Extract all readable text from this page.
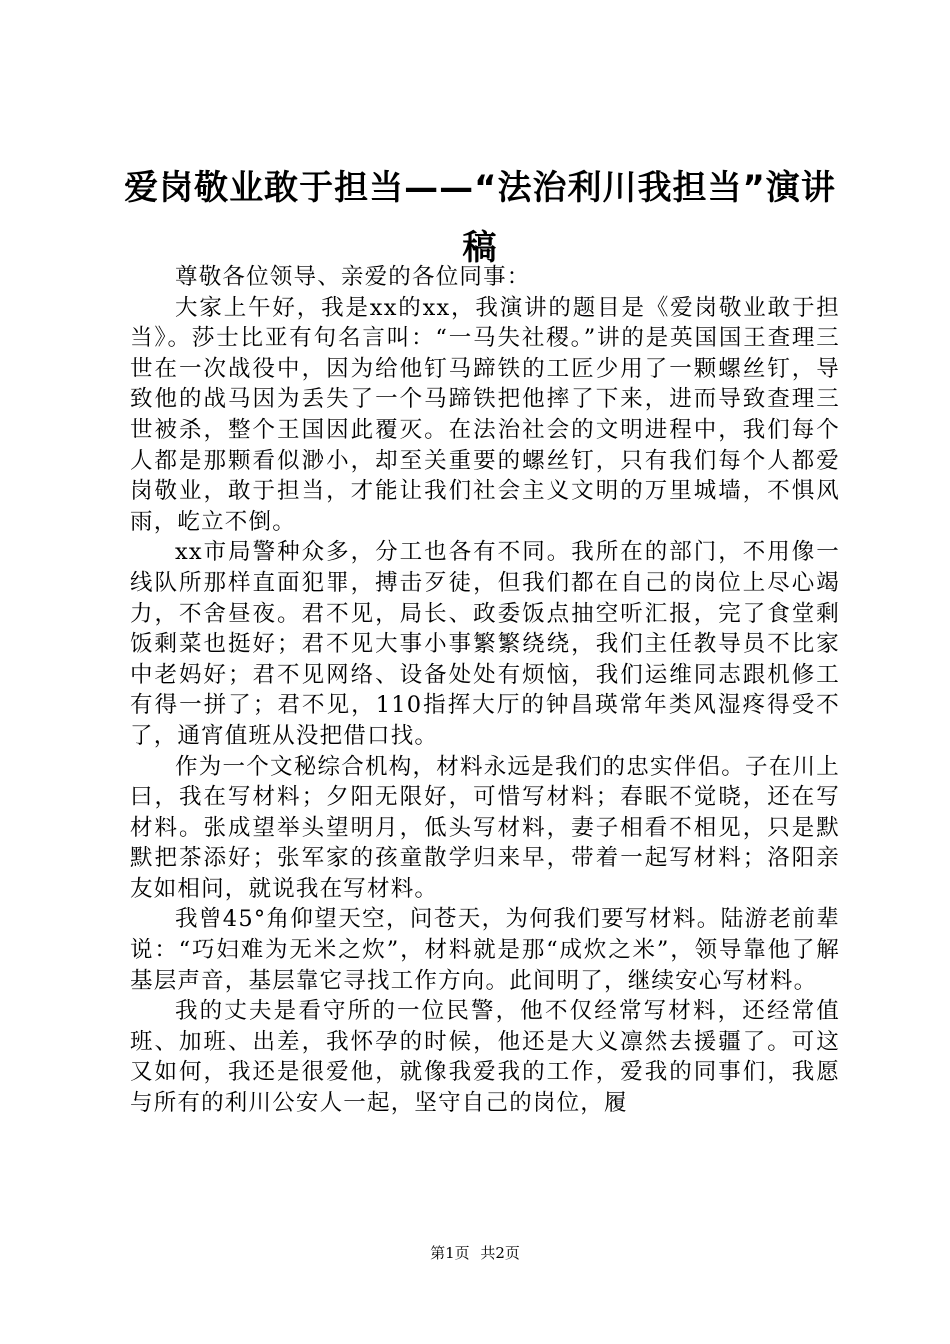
爱岗敬业敢于担当——“法治利川我担当”演讲稿

尊敬各位领导、亲爱的各位同事：

大家上午好，我是xx的xx，我演讲的题目是《爱岗敬业敢于担当》。莎士比亚有句名言叫：“一马失社稷。”讲的是英国国王查理三世在一次战役中，因为给他钉马蹄铁的工匠少用了一颗螺丝钉，导致他的战马因为丢失了一个马蹄铁把他摔了下来，进而导致查理三世被杀，整个王国因此覆灭。在法治社会的文明进程中，我们每个人都是那颗看似渺小，却至关重要的螺丝钉，只有我们每个人都爱岗敬业，敢于担当，才能让我们社会主义文明的万里城墙，不惧风雨，屹立不倒。

xx市局警种众多，分工也各有不同。我所在的部门，不用像一线队所那样直面犯罪，搏击歹徒，但我们都在自己的岗位上尽心竭力，不舍昼夜。君不见，局长、政委饭点抽空听汇报，完了食堂剩饭剩菜也挺好；君不见大事小事繁繁绕绕，我们主任教导员不比家中老妈好；君不见网络、设备处处有烦恼，我们运维同志跟机修工有得一拼了；君不见，110指挥大厅的钟昌瑛常年类风湿疼得受不了，通宵值班从没把借口找。

作为一个文秘综合机构，材料永远是我们的忠实伴侣。子在川上曰，我在写材料；夕阳无限好，可惜写材料；春眠不觉晓，还在写材料。张成望举头望明月，低头写材料，妻子相看不相见，只是默默把茶添好；张军家的孩童散学归来早，带着一起写材料；洛阳亲友如相问，就说我在写材料。

我曾45°角仰望天空，问苍天，为何我们要写材料。陆游老前辈说：“巧妇难为无米之炊”，材料就是那“成炊之米”，领导靠他了解基层声音，基层靠它寻找工作方向。此间明了，继续安心写材料。

我的丈夫是看守所的一位民警，他不仅经常写材料，还经常值班、加班、出差，我怀孕的时候，他还是大义凛然去援疆了。可这又如何，我还是很爱他，就像我爱我的工作，爱我的同事们，我愿与所有的利川公安人一起，坚守自己的岗位，履

第1页 共2页
